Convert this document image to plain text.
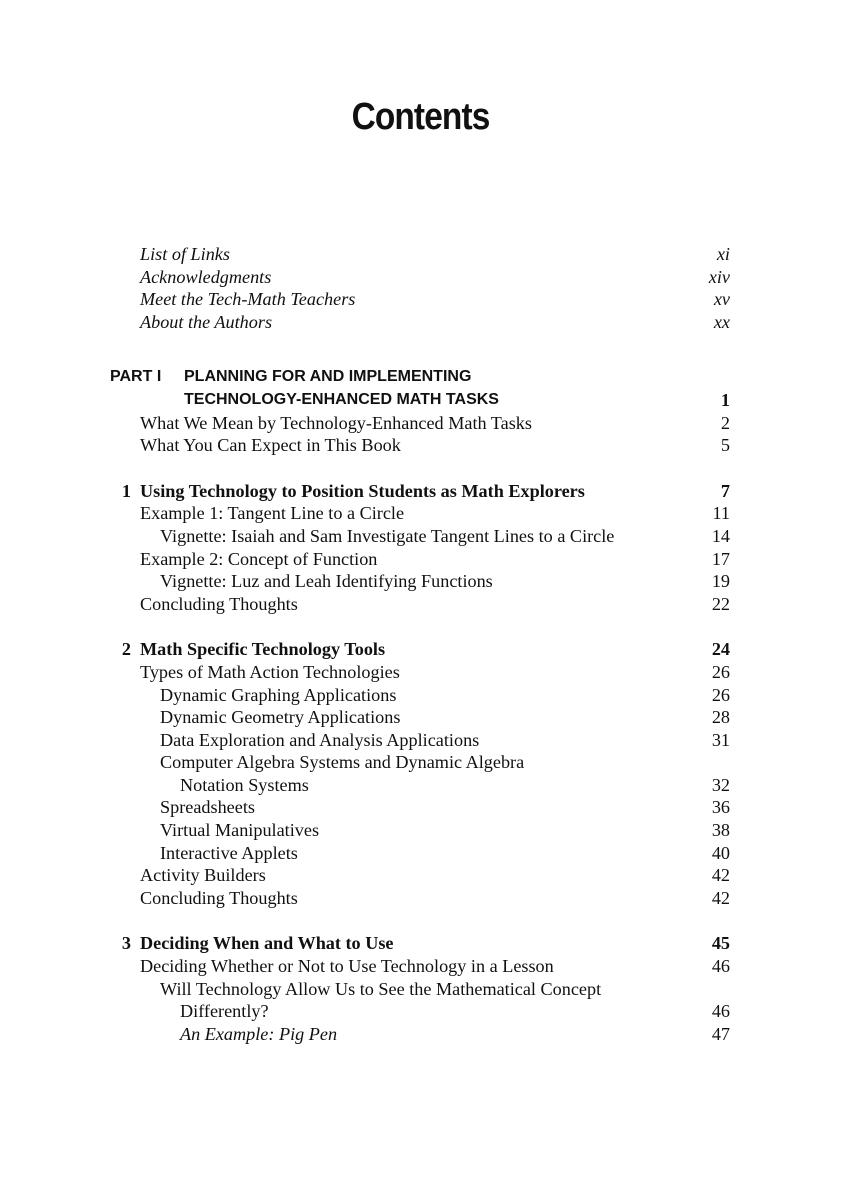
Contents
List of Links	xi
Acknowledgments	xiv
Meet the Tech-Math Teachers	xv
About the Authors	xx
PART I PLANNING FOR AND IMPLEMENTING
TECHNOLOGY-ENHANCED MATH TASKS	1
What We Mean by Technology-Enhanced Math Tasks	2
What You Can Expect in This Book	5
1 Using Technology to Position Students as Math Explorers	7
Example 1: Tangent Line to a Circle	11
Vignette: Isaiah and Sam Investigate Tangent Lines to a Circle	14
Example 2: Concept of Function	17
Vignette: Luz and Leah Identifying Functions	19
Concluding Thoughts	22
2 Math Specific Technology Tools	24
Types of Math Action Technologies	26
Dynamic Graphing Applications	26
Dynamic Geometry Applications	28
Data Exploration and Analysis Applications	31
Computer Algebra Systems and Dynamic Algebra
Notation Systems	32
Spreadsheets	36
Virtual Manipulatives	38
Interactive Applets	40
Activity Builders	42
Concluding Thoughts	42
3 Deciding When and What to Use	45
Deciding Whether or Not to Use Technology in a Lesson	46
Will Technology Allow Us to See the Mathematical Concept
Differently?	46
An Example: Pig Pen	47
